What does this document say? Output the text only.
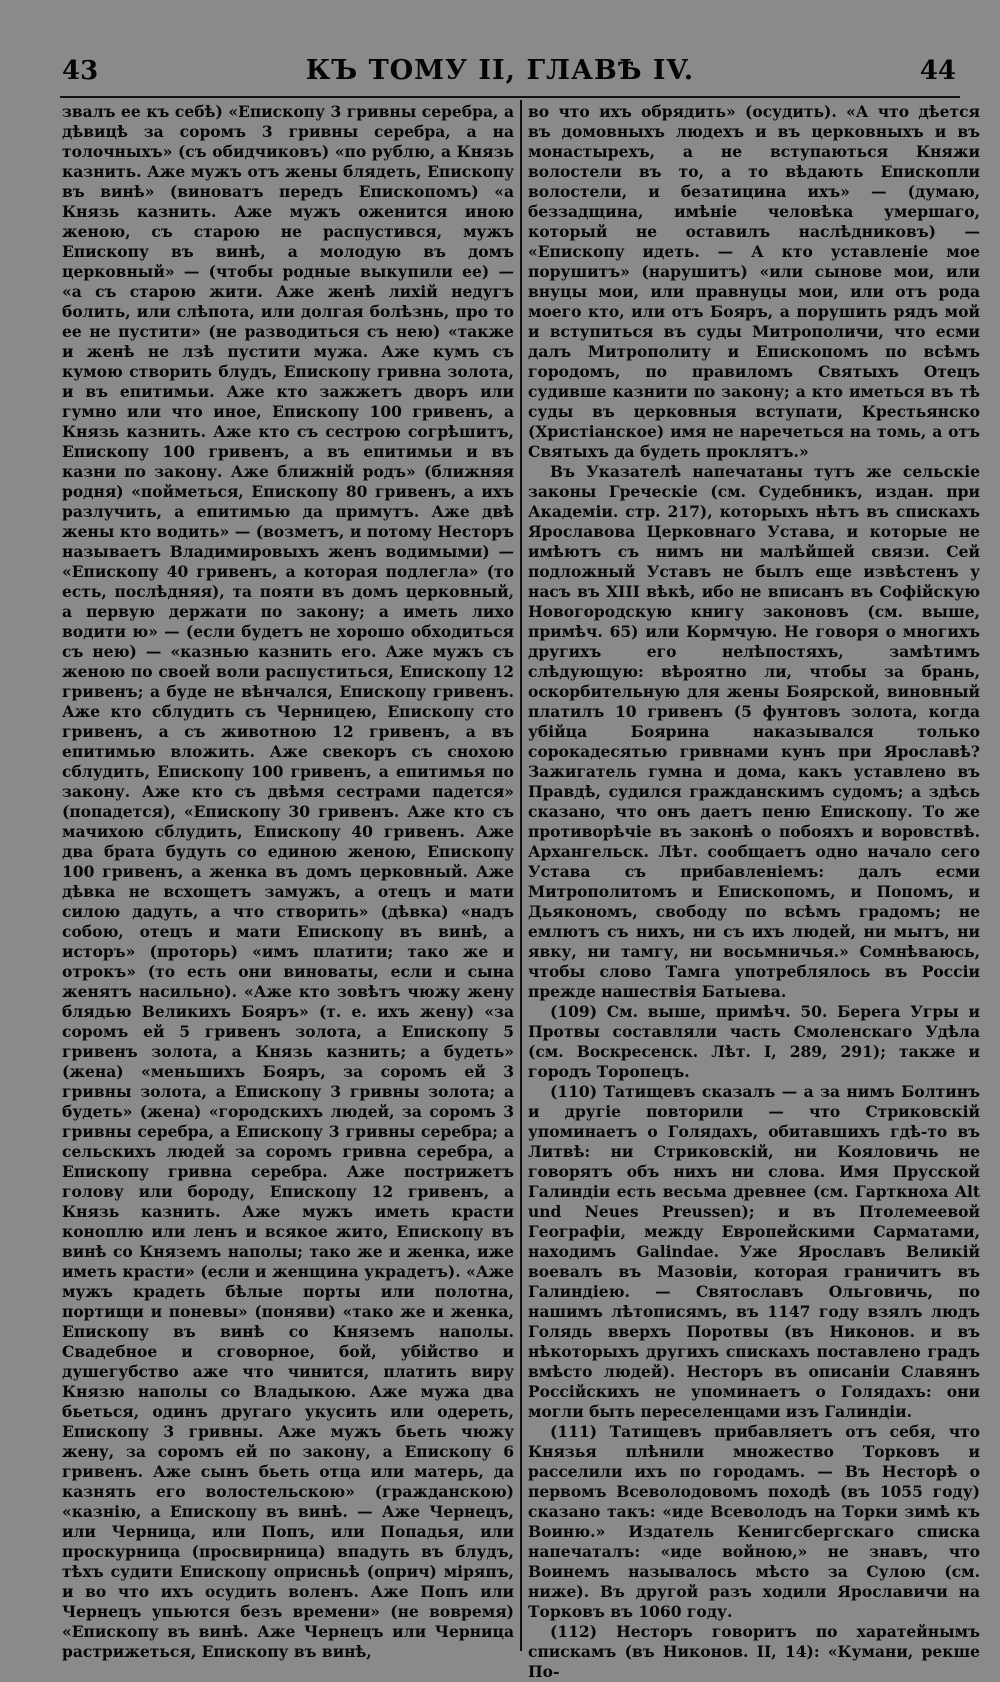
43	КЪ ТОМУ II, ГЛАВѢ IV.	44

звалъ ее къ себѣ) «Епископу 3 гривны серебра, а дѣвицѣ за соромъ 3 гривны серебра, а на толочныхъ» (съ обидчиковъ) «по рублю, а Князь казнить. Аже мужъ отъ жены блядеть, Епископу въ винѣ» (виноватъ передъ Епископомъ) «а Князь казнить. Аже мужъ оженится иною женою, съ старою не распустився, мужъ Епископу въ винѣ, а молодую въ домъ церковный» — (чтобы родные выкупили ее) — «а съ старою жити. Аже женѣ лихій недугъ болить, или слѣпота, или долгая болѣзнь, про то ее не пустити» (не разводиться съ нею) «также и женѣ не лзѣ пустити мужа. Аже кумъ съ кумою створить блудъ, Епископу гривна золота, и въ епитимьи. Аже кто зажжетъ дворъ или гумно или что иное, Епископу 100 гривенъ, а Князь казнить. Аже кто съ сестрою согрѣшитъ, Епископу 100 гривенъ, а въ епитимьи и въ казни по закону. Аже ближній родъ» (ближняя родня) «пойметься, Епископу 80 гривенъ, а ихъ разлучить, а епитимью да примутъ. Аже двѣ жены кто водить» — (возметъ, и потому Несторъ называетъ Владимировыхъ женъ водимыми) — «Епископу 40 гривенъ, а которая подлегла» (то есть, послѣдняя), та пояти въ домъ церковный, а первую держати по закону; а иметь лихо водити ю» — (если будетъ не хорошо обходиться съ нею) — «казнью казнить его. Аже мужъ съ женою по своей воли распуститься, Епископу 12 гривенъ; а буде не вѣнчался, Епископу гривенъ. Аже кто сблудить съ Черницею, Епископу сто гривенъ, а съ животною 12 гривенъ, а въ епитимью вложить. Аже свекоръ съ снохою сблудить, Епископу 100 гривенъ, а епитимья по закону. Аже кто съ двѣмя сестрами падется» (попадется), «Епископу 30 гривенъ. Аже кто съ мачихою сблудить, Епископу 40 гривенъ. Аже два брата будуть со единою женою, Епископу 100 гривенъ, а женка въ домъ церковный. Аже дѣвка не всхощетъ замужъ, а отецъ и мати силою дадуть, а что створить» (дѣвка) «надъ собою, отецъ и мати Епископу въ винѣ, а исторъ» (проторь) «имъ платити; тако же и отрокъ» (то есть они виноваты, если и сына женятъ насильно). «Аже кто зовѣтъ чюжу жену блядью Великихъ Бояръ» (т. е. ихъ жену) «за соромъ ей 5 гривенъ золота, а Епископу 5 гривенъ золота, а Князь казнить; а будеть» (жена) «меньшихъ Бояръ, за соромъ ей 3 гривны золота, а Епископу 3 гривны золота; а будеть» (жена) «городскихъ людей, за соромъ 3 гривны серебра, а Епископу 3 гривны серебра; а сельскихъ людей за соромъ гривна серебра, а Епископу гривна серебра. Аже пострижетъ голову или бороду, Епископу 12 гривенъ, а Князь казнить. Аже мужъ иметь красти коноплю или ленъ и всякое жито, Епископу въ винѣ со Княземъ наполы; тако же и женка, иже иметь красти» (если и женщина украдетъ). «Аже мужъ крадеть бѣлые порты или полотна, портищи и поневы» (поняви) «тако же и женка, Епископу въ винѣ со Княземъ наполы. Свадебное и сговорное, бой, убійство и душегубство аже что чинится, платить виру Князю наполы со Владыкою. Аже мужа два бьеться, одинъ другаго укусить или одереть, Епископу 3 гривны. Аже мужъ бьеть чюжу жену, за соромъ ей по закону, а Епископу 6 гривенъ. Аже сынъ бьеть отца или матерь, да казнять его волостельскою» (гражданскою) «казнію, а Епископу въ винѣ. — Аже Чернецъ, или Черница, или Попъ, или Попадья, или проскурница (просвирница) впадуть въ блудъ, тѣхъ судити Епископу оприсньѣ (оприч) міряпъ, и во что ихъ осудить воленъ. Аже Попъ или Чернецъ упьются безъ времени» (не вовремя) «Епископу въ винѣ. Аже Чернецъ или Черница растрижеться, Епископу въ винѣ,

во что ихъ обрядить» (осудить). «А что дѣется въ домовныхъ людехъ и въ церковныхъ и въ монастырехъ, а не вступаються Княжи волостели въ то, а то вѣдають Епископли волостели, и безатицина ихъ» — (думаю, беззадщина, имѣніе человѣка умершаго, который не оставилъ наслѣдниковъ) — «Епископу идеть. — А кто уставленіе мое порушитъ» (нарушитъ) «или сынове мои, или внуцы мои, или правнуцы мои, или отъ рода моего кто, или отъ Бояръ, а порушить рядъ мой и вступиться въ суды Митрополичи, что есми далъ Митрополиту и Епископомъ по всѣмъ городомъ, по правиломъ Святыхъ Отецъ судивше казнити по закону; а кто иметься въ тѣ суды въ церковныя вступати, Крестьянско (Христіанское) имя не наречеться на томь, а отъ Святыхъ да будеть проклятъ.»

Въ Указателѣ напечатаны тутъ же сельскіе законы Греческіе (см. Судебникъ, издан. при Академіи. стр. 217), которыхъ нѣтъ въ спискахъ Ярославова Церковнаго Устава, и которые не имѣютъ съ нимъ ни малѣйшей связи. Сей подложный Уставъ не былъ еще извѣстенъ у насъ въ XIII вѣкѣ, ибо не вписанъ въ Софійскую Новогородскую книгу законовъ (см. выше, примѣч. 65) или Кормчую. Не говоря о многихъ другихъ его нелѣпостяхъ, замѣтимъ слѣдующую: вѣроятно ли, чтобы за брань, оскорбительную для жены Боярской, виновный платилъ 10 гривенъ (5 фунтовъ золота, когда убійца Боярина наказывался только сорокадесятью гривнами кунъ при Ярославѣ? Зажигатель гумна и дома, какъ уставлено въ Правдѣ, судился гражданскимъ судомъ; а здѣсь сказано, что онъ даетъ пеню Епископу. То же противорѣчіе въ законѣ о побояхъ и воровствѣ. Архангельск. Лѣт. сообщаетъ одно начало сего Устава съ прибавленіемъ: далъ есми Митрополитомъ и Епископомъ, и Попомъ, и Дьякономъ, свободу по всѣмъ градомъ; не емлютъ съ нихъ, ни съ ихъ людей, ни мытъ, ни явку, ни тамгу, ни восьмничья.» Сомнѣваюсь, чтобы слово Тамга употреблялось въ Россіи прежде нашествія Батыева.

(109) См. выше, примѣч. 50. Берега Угры и Протвы составляли часть Смоленскаго Удѣла (см. Воскресенск. Лѣт. I, 289, 291); также и городъ Торопецъ.

(110) Татищевъ сказалъ — а за нимъ Болтинъ и другіе повторили — что Стриковскій упоминаетъ о Голядахъ, обитавшихъ гдѣ-то въ Литвѣ: ни Стриковскій, ни Кояловичь не говорятъ объ нихъ ни слова. Имя Прусской Галиндіи есть весьма древнее (см. Гарткноха Alt und Neues Preussen); и въ Птолемеевой Географіи, между Европейскими Сарматами, находимъ Galindae. Уже Ярославъ Великій воевалъ въ Мазовіи, которая граничитъ въ Галиндіею. — Святославъ Ольговичь, по нашимъ лѣтописямъ, въ 1147 году взялъ людъ Голядь вверхъ Поротвы (въ Никонов. и въ нѣкоторыхъ другихъ спискахъ поставлено градъ вмѣсто людей). Несторъ въ описаніи Славянъ Россійскихъ не упоминаетъ о Голядахъ: они могли быть переселенцами изъ Галиндіи.

(111) Татищевъ прибавляетъ отъ себя, что Князья плѣнили множество Торковъ и расселили ихъ по городамъ. — Въ Несторѣ о первомъ Всеволодовомъ походѣ (въ 1055 году) сказано такъ: «иде Всеволодъ на Торки зимѣ къ Воиню.» Издатель Кенигсбергскаго списка напечаталъ: «иде войною,» не знавъ, что Воинемъ называлось мѣсто за Сулою (см. ниже). Въ другой разъ ходили Ярославичи на Торковъ въ 1060 году.

(112) Несторъ говоритъ по харатейнымъ спискамъ (въ Никонов. II, 14): «Кумани, рекше По-
